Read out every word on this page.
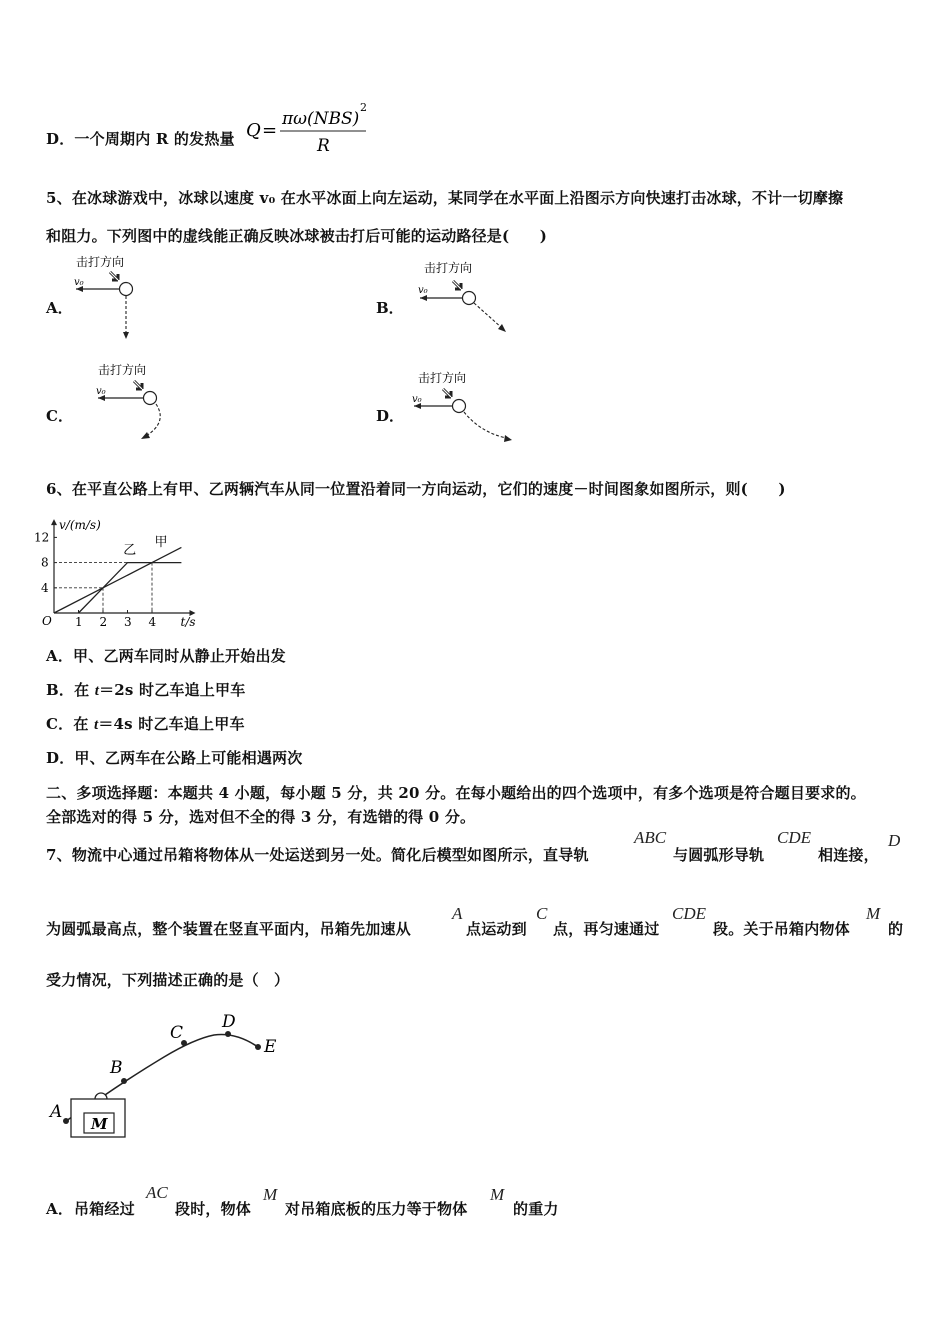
D．一个周期内 R 的发热量 Q =
πω(NBS)
2
R
5、在冰球游戏中，冰球以速度 v₀ 在水平冰面上向左运动，某同学在水平面上沿图示方向快速打击冰球，不计一切摩擦
和阻力。下列图中的虚线能正确反映冰球被击打后可能的运动路径是(　　)
A．
击打方向
v₀
B．
击打方向
v₀
C．
击打方向
v₀
D．
击打方向
v₀
6、在平直公路上有甲、乙两辆汽车从同一位置沿着同一方向运动，它们的速度－时间图象如图所示，则(　　)
v/(m/s)
t/s
O 1 2 3 4
4
8
12	甲
乙
A．甲、乙两车同时从静止开始出发
B．在 t＝2s 时乙车追上甲车
C．在 t＝4s 时乙车追上甲车
D．甲、乙两车在公路上可能相遇两次
二、多项选择题：本题共 4 小题，每小题 5 分，共 20 分。在每小题给出的四个选项中，有多个选项是符合题目要求的。
全部选对的得 5 分，选对但不全的得 3 分，有选错的得 0 分。
7、物流中心通过吊箱将物体从一处运送到另一处。简化后模型如图所示，直导轨
ABC
与圆弧形导轨
CDE
相连接，
D
为圆弧最高点，整个装置在竖直平面内，吊箱先加速从
A
点运动到
C
点，再匀速通过
CDE
段。关于吊箱内物体
M
的
受力情况，下列描述正确的是（　）
A
B
C
D
E
M
A． 吊箱经过
AC
段时，物体
M
对吊箱底板的压力等于物体
M
的重力
